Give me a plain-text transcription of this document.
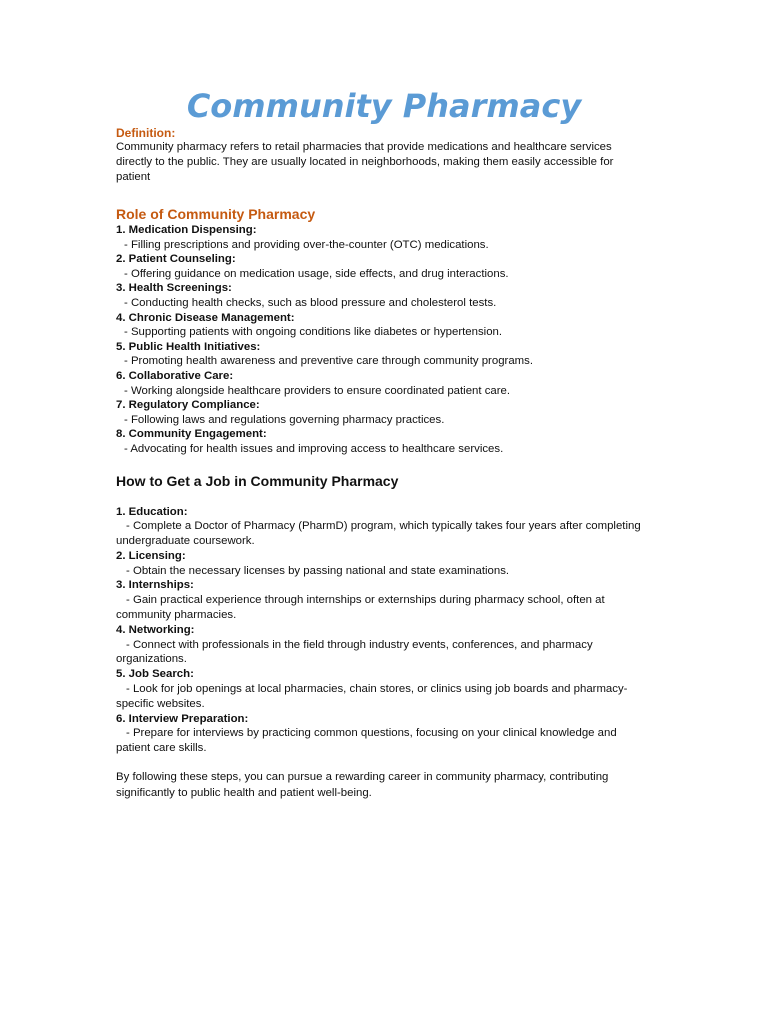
Community Pharmacy
Definition:

Community pharmacy refers to retail pharmacies that provide medications and healthcare services directly to the public. They are usually located in neighborhoods, making them easily accessible for patient

Role of Community Pharmacy

1. Medication Dispensing:

- Filling prescriptions and providing over-the-counter (OTC) medications.

2. Patient Counseling:

- Offering guidance on medication usage, side effects, and drug interactions.

3. Health Screenings:

- Conducting health checks, such as blood pressure and cholesterol tests.

4. Chronic Disease Management:

- Supporting patients with ongoing conditions like diabetes or hypertension.

5. Public Health Initiatives:

- Promoting health awareness and preventive care through community programs.

6. Collaborative Care:

- Working alongside healthcare providers to ensure coordinated patient care.

7. Regulatory Compliance:

- Following laws and regulations governing pharmacy practices.

8. Community Engagement:

- Advocating for health issues and improving access to healthcare services.

How to Get a Job in Community Pharmacy

1. Education:

- Complete a Doctor of Pharmacy (PharmD) program, which typically takes four years after completing undergraduate coursework.

2. Licensing:

- Obtain the necessary licenses by passing national and state examinations.

3. Internships:

- Gain practical experience through internships or externships during pharmacy school, often at community pharmacies.

4. Networking:

- Connect with professionals in the field through industry events, conferences, and pharmacy organizations.

5. Job Search:

- Look for job openings at local pharmacies, chain stores, or clinics using job boards and pharmacy-specific websites.

6. Interview Preparation:

- Prepare for interviews by practicing common questions, focusing on your clinical knowledge and patient care skills.

By following these steps, you can pursue a rewarding career in community pharmacy, contributing significantly to public health and patient well-being.
